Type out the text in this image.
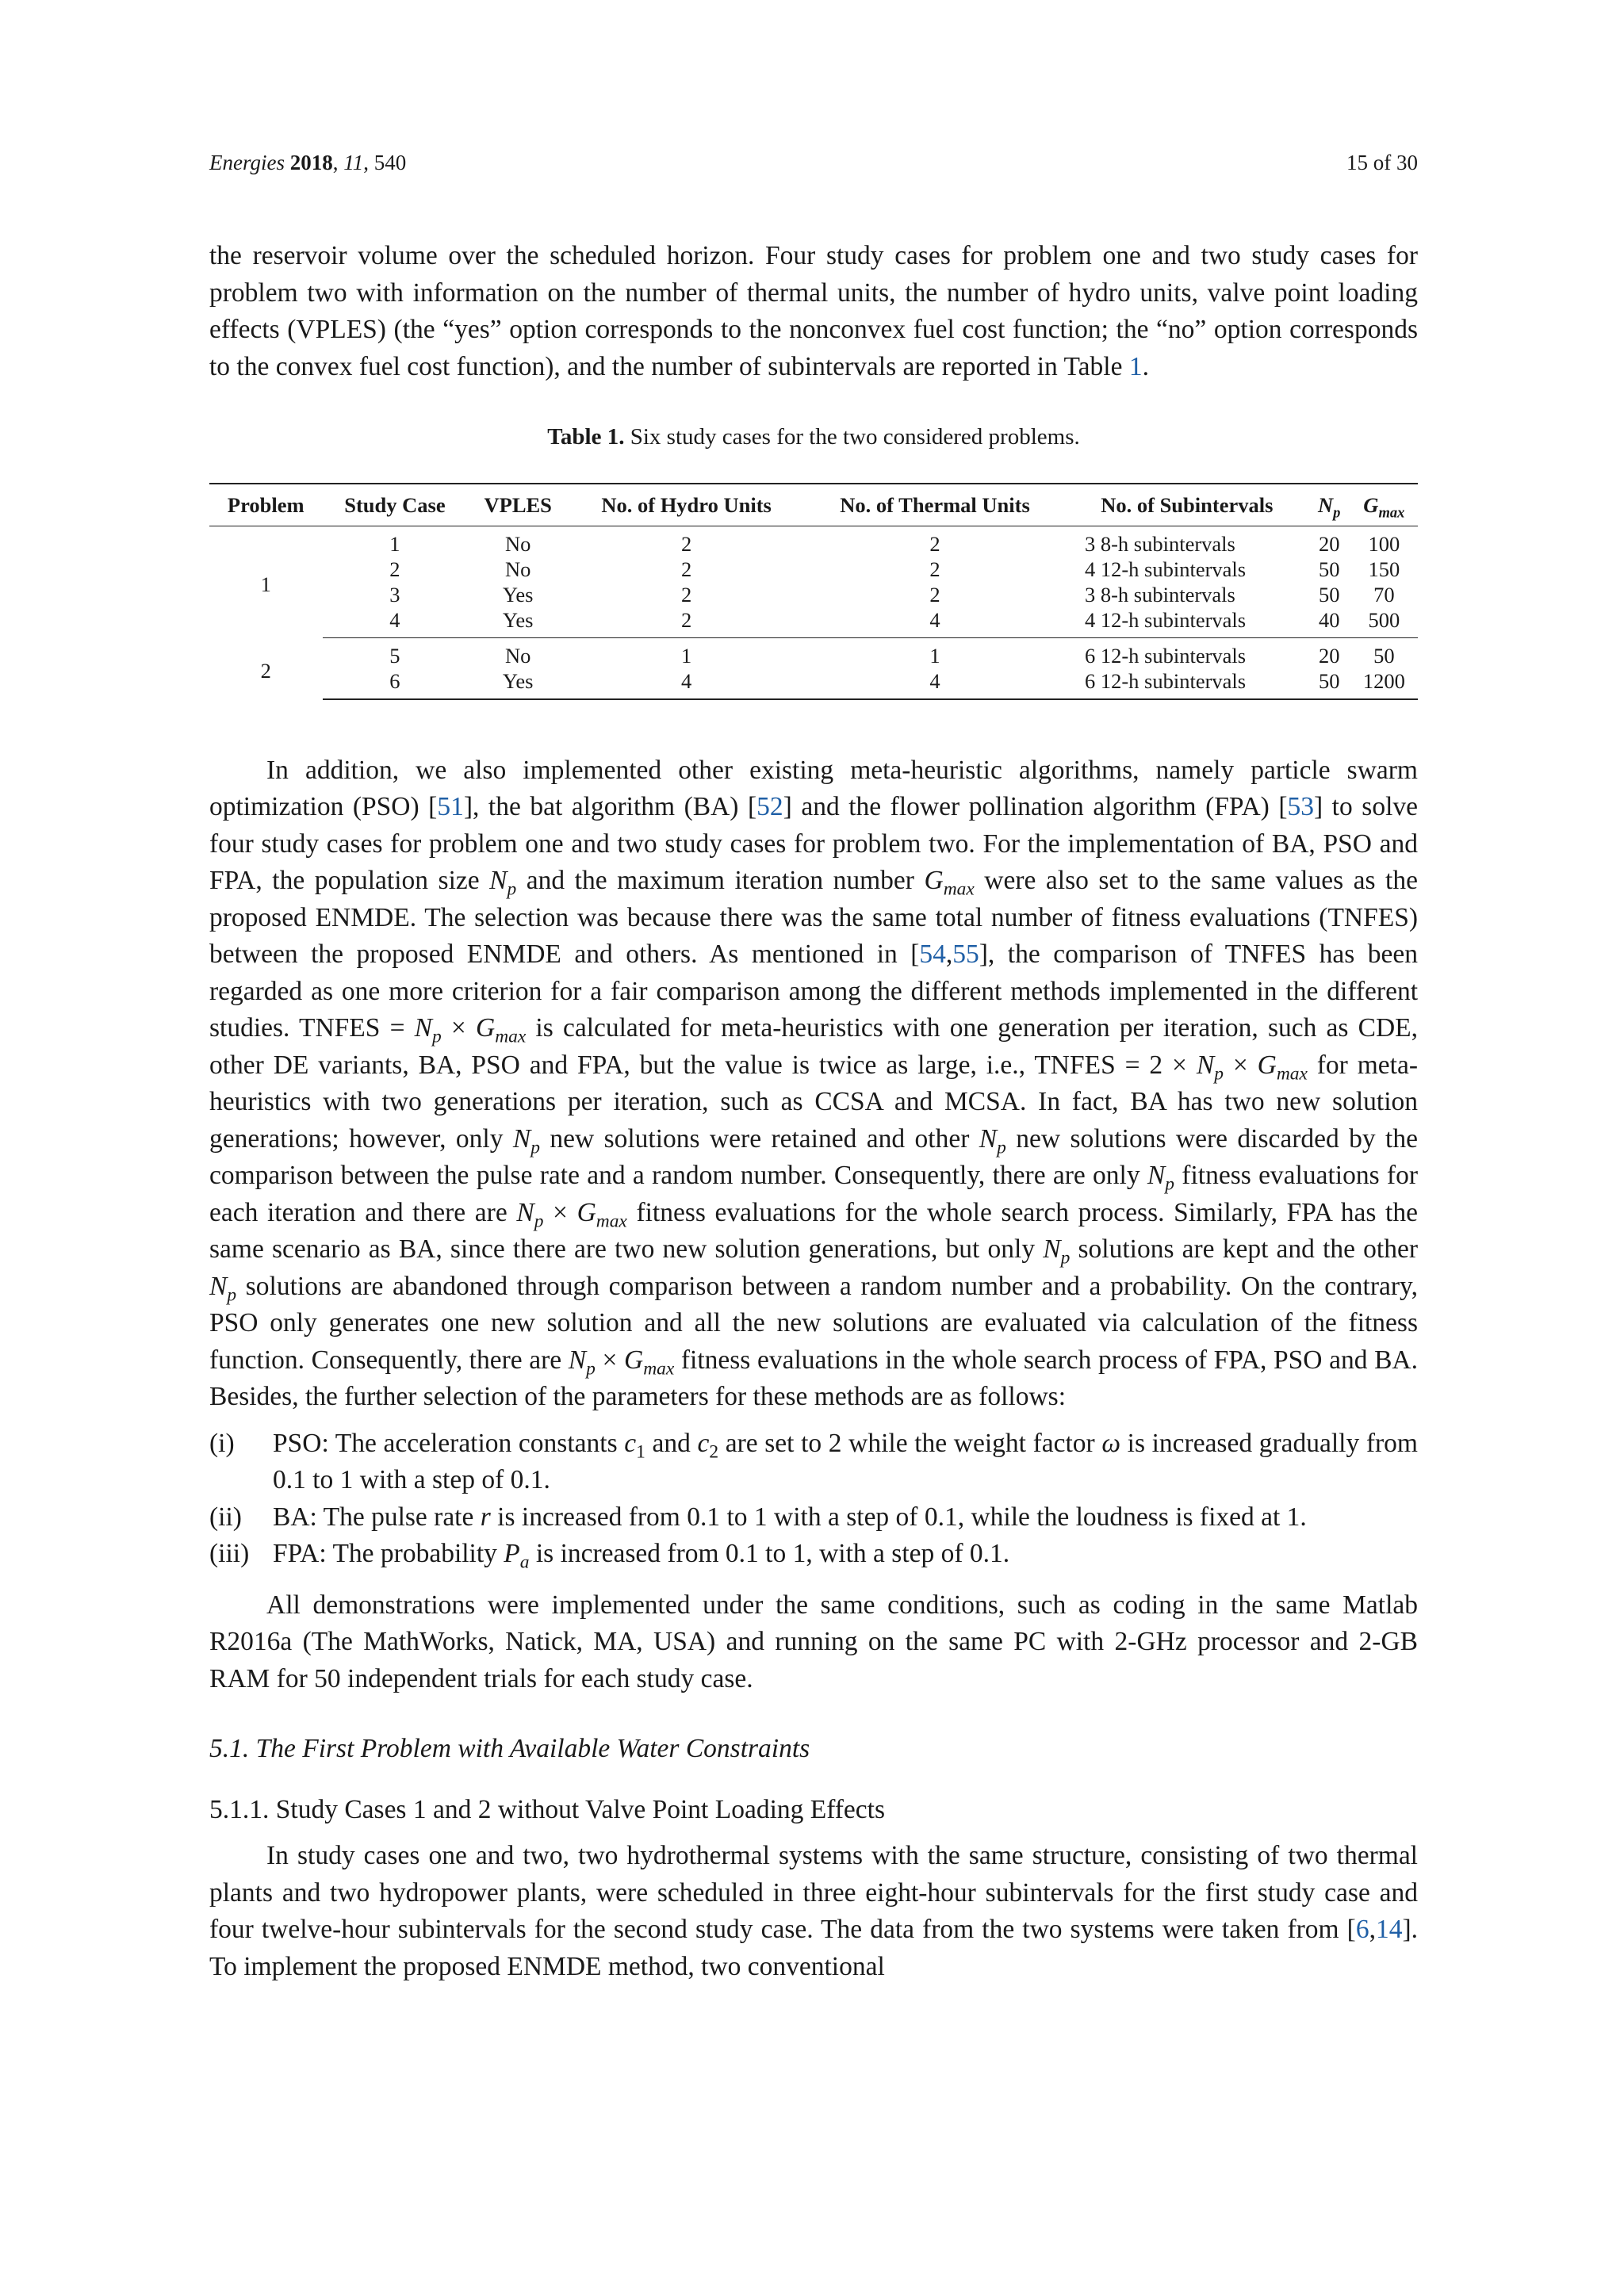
Energies 2018, 11, 540	15 of 30

the reservoir volume over the scheduled horizon. Four study cases for problem one and two study cases for problem two with information on the number of thermal units, the number of hydro units, valve point loading effects (VPLES) (the “yes” option corresponds to the nonconvex fuel cost function; the “no” option corresponds to the convex fuel cost function), and the number of subintervals are reported in Table 1.

Table 1. Six study cases for the two considered problems.
Problem	Study Case	VPLES	No. of Hydro Units	No. of Thermal Units	No. of Subintervals	$N_p$	$G_{max}$
1	1	No	2	2	3 8-h subintervals	20	100
	2	No	2	2	4 12-h subintervals	50	150
	3	Yes	2	2	3 8-h subintervals	50	70
	4	Yes	2	4	4 12-h subintervals	40	500
2	5	No	1	1	6 12-h subintervals	20	50
	6	Yes	4	4	6 12-h subintervals	50	1200

In addition, we also implemented other existing meta-heuristic algorithms, namely particle swarm optimization (PSO) [51], the bat algorithm (BA) [52] and the flower pollination algorithm (FPA) [53] to solve four study cases for problem one and two study cases for problem two. For the implementation of BA, PSO and FPA, the population size $N_p$ and the maximum iteration number $G_{max}$ were also set to the same values as the proposed ENMDE. The selection was because there was the same total number of fitness evaluations (TNFES) between the proposed ENMDE and others. As mentioned in [54,55], the comparison of TNFES has been regarded as one more criterion for a fair comparison among the different methods implemented in the different studies. TNFES = $N_p \times G_{max}$ is calculated for meta-heuristics with one generation per iteration, such as CDE, other DE variants, BA, PSO and FPA, but the value is twice as large, i.e., TNFES = $2 \times N_p \times G_{max}$ for meta-heuristics with two generations per iteration, such as CCSA and MCSA. In fact, BA has two new solution generations; however, only $N_p$ new solutions were retained and other $N_p$ new solutions were discarded by the comparison between the pulse rate and a random number. Consequently, there are only $N_p$ fitness evaluations for each iteration and there are $N_p \times G_{max}$ fitness evaluations for the whole search process. Similarly, FPA has the same scenario as BA, since there are two new solution generations, but only $N_p$ solutions are kept and the other $N_p$ solutions are abandoned through comparison between a random number and a probability. On the contrary, PSO only generates one new solution and all the new solutions are evaluated via calculation of the fitness function. Consequently, there are $N_p \times G_{max}$ fitness evaluations in the whole search process of FPA, PSO and BA. Besides, the further selection of the parameters for these methods are as follows:

(i)	PSO: The acceleration constants $c_1$ and $c_2$ are set to 2 while the weight factor ω is increased gradually from 0.1 to 1 with a step of 0.1.
(ii)	BA: The pulse rate r is increased from 0.1 to 1 with a step of 0.1, while the loudness is fixed at 1.
(iii) FPA: The probability $P_a$ is increased from 0.1 to 1, with a step of 0.1.

All demonstrations were implemented under the same conditions, such as coding in the same Matlab R2016a (The MathWorks, Natick, MA, USA) and running on the same PC with 2-GHz processor and 2-GB RAM for 50 independent trials for each study case.

5.1. The First Problem with Available Water Constraints
5.1.1. Study Cases 1 and 2 without Valve Point Loading Effects

In study cases one and two, two hydrothermal systems with the same structure, consisting of two thermal plants and two hydropower plants, were scheduled in three eight-hour subintervals for the first study case and four twelve-hour subintervals for the second study case. The data from the two systems were taken from [6,14]. To implement the proposed ENMDE method, two conventional
